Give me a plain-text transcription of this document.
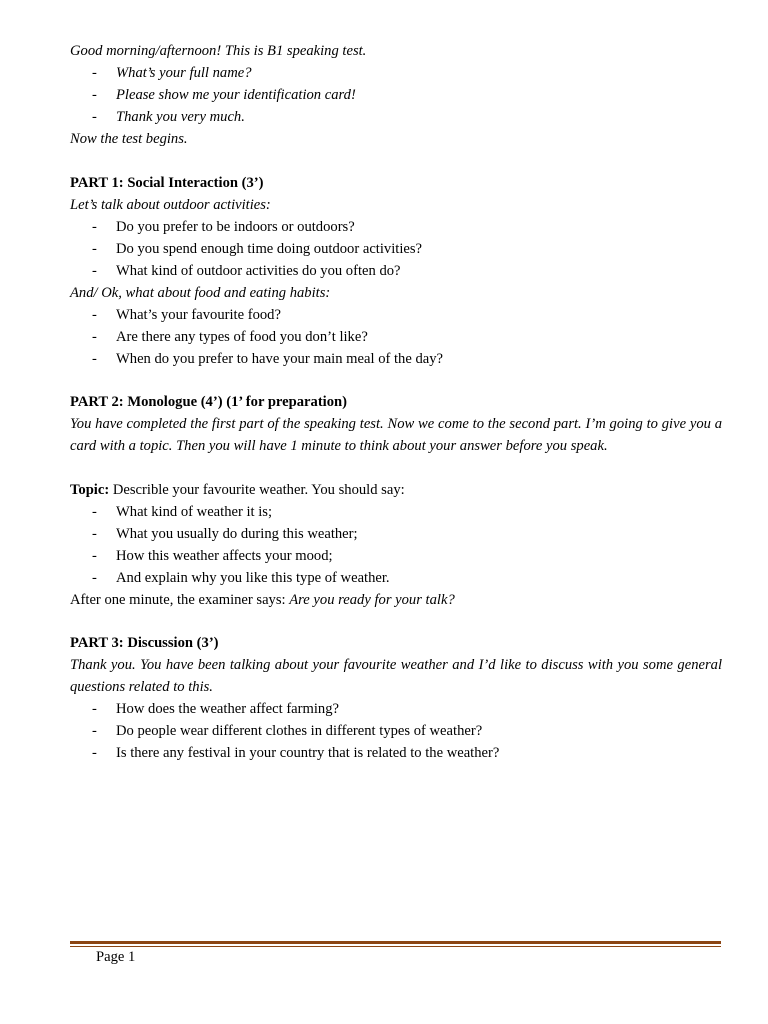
Good morning/afternoon! This is B1 speaking test.
- What’s your full name?
- Please show me your identification card!
- Thank you very much.
Now the test begins.
PART 1: Social Interaction (3’)
Let’s talk about outdoor activities:
- Do you prefer to be indoors or outdoors?
- Do you spend enough time doing outdoor activities?
- What kind of outdoor activities do you often do?
And/ Ok, what about food and eating habits:
- What’s your favourite food?
- Are there any types of food you don’t like?
- When do you prefer to have your main meal of the day?
PART 2: Monologue (4’) (1’ for preparation)
You have completed the first part of the speaking test. Now we come to the second part. I’m going to give you a card with a topic. Then you will have 1 minute to think about your answer before you speak.
Topic: Describle your favourite weather. You should say:
- What kind of weather it is;
- What you usually do during this weather;
- How this weather affects your mood;
- And explain why you like this type of weather.
After one minute, the examiner says: Are you ready for your talk?
PART 3: Discussion (3’)
Thank you. You have been talking about your favourite weather and I’d like to discuss with you some general questions related to this.
- How does the weather affect farming?
- Do people wear different clothes in different types of weather?
- Is there any festival in your country that is related to the weather?
Page 1
